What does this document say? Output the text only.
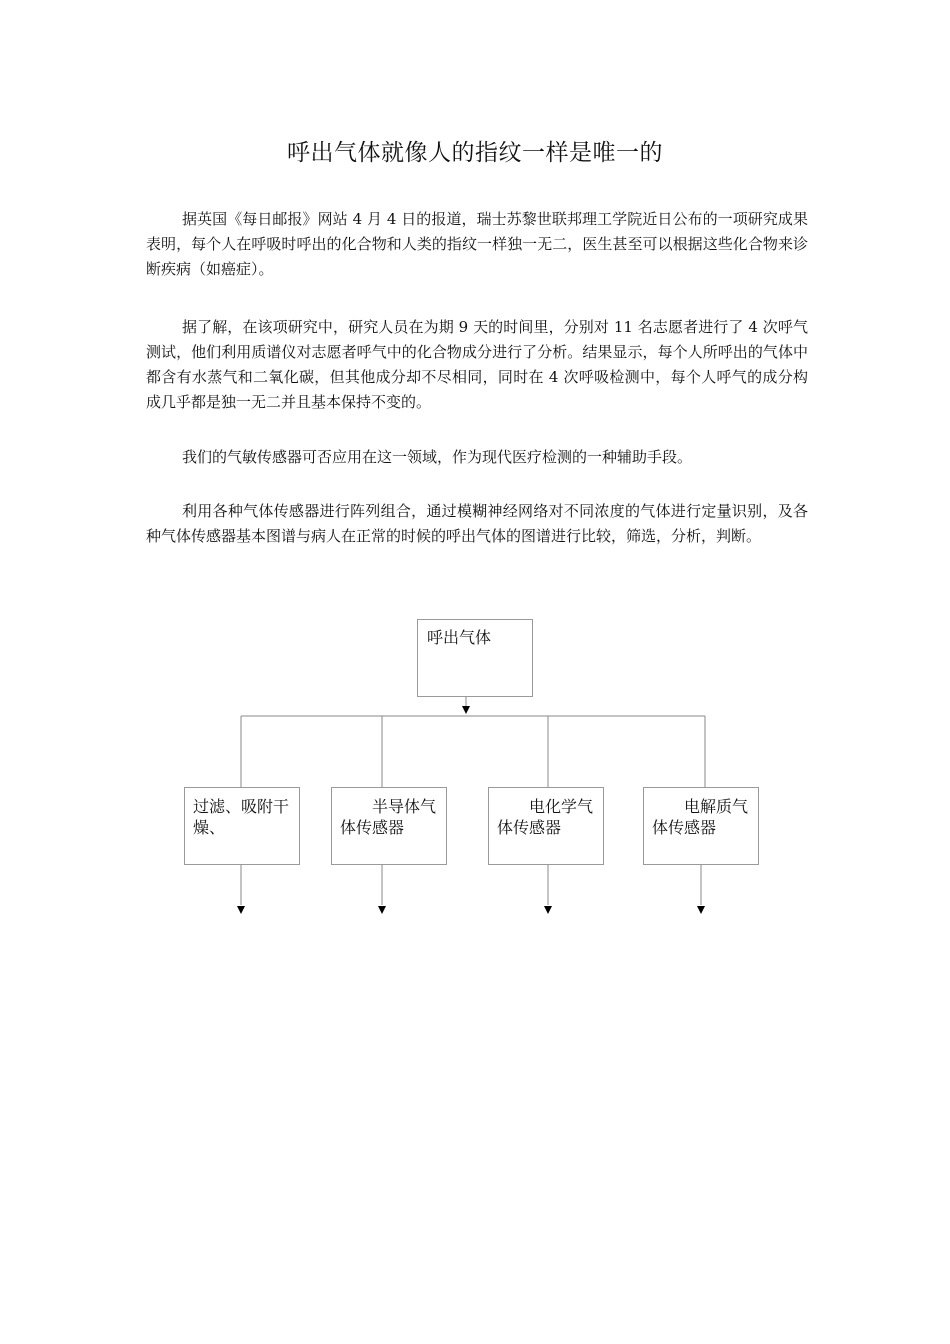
呼出气体就像人的指纹一样是唯一的

据英国《每日邮报》网站 4 月 4 日的报道，瑞士苏黎世联邦理工学院近日公布的一项研究成果表明，每个人在呼吸时呼出的化合物和人类的指纹一样独一无二，医生甚至可以根据这些化合物来诊断疾病（如癌症）。

据了解，在该项研究中，研究人员在为期 9 天的时间里，分别对 11 名志愿者进行了 4 次呼气测试，他们利用质谱仪对志愿者呼气中的化合物成分进行了分析。结果显示，每个人所呼出的气体中都含有水蒸气和二氧化碳，但其他成分却不尽相同，同时在 4 次呼吸检测中，每个人呼气的成分构成几乎都是独一无二并且基本保持不变的。

我们的气敏传感器可否应用在这一领域，作为现代医疗检测的一种辅助手段。

利用各种气体传感器进行阵列组合，通过模糊神经网络对不同浓度的气体进行定量识别，及各种气体传感器基本图谱与病人在正常的时候的呼出气体的图谱进行比较，筛选，分析，判断。

呼出气体
过滤、吸附干燥、
半导体气体传感器
电化学气体传感器
电解质气体传感器
